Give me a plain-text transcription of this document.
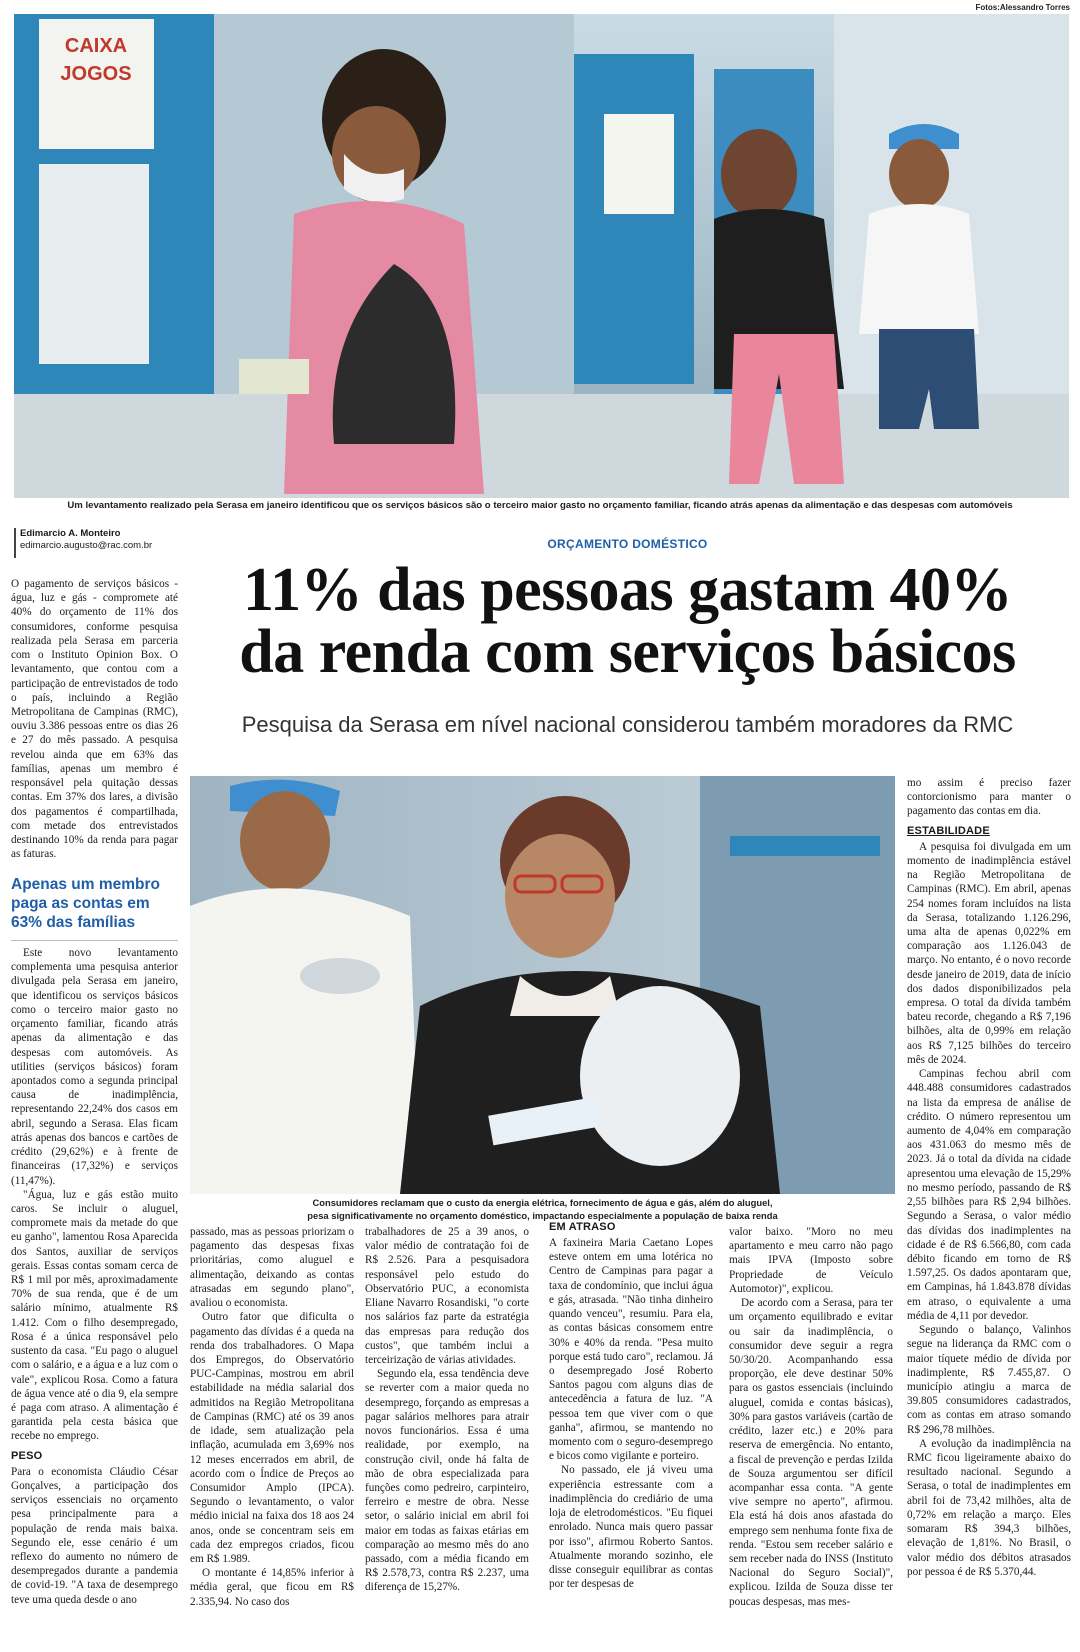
Fotos:Alessandro Torres
CAIXA
JOGOS
Um levantamento realizado pela Serasa em janeiro identificou que os serviços básicos são o terceiro maior gasto no orçamento familiar, ficando atrás apenas da alimentação e das despesas com automóveis
Edimarcio A. Monteiro
edimarcio.augusto@rac.com.br	ORÇAMENTO DOMÉSTICO
11% das pessoas gastam 40%
da renda com serviços básicos
Pesquisa da Serasa em nível nacional considerou também moradores da RMC

O pagamento de serviços básicos - água, luz e gás - compromete até 40% do orçamento de 11% dos consumidores, conforme pesquisa realizada pela Serasa em parceria com o Instituto Opinion Box. O levantamento, que contou com a participação de entrevistados de todo o país, incluindo a Região Metropolitana de Campinas (RMC), ouviu 3.386 pessoas entre os dias 26 e 27 do mês passado. A pesquisa revelou ainda que em 63% das famílias, apenas um membro é responsável pela quitação dessas contas. Em 37% dos lares, a divisão dos pagamentos é compartilhada, com metade dos entrevistados destinando 10% da renda para pagar as faturas.

Apenas um membro paga as contas em 63% das famílias

Este novo levantamento complementa uma pesquisa anterior divulgada pela Serasa em janeiro, que identificou os serviços básicos como o terceiro maior gasto no orçamento familiar, ficando atrás apenas da alimentação e das despesas com automóveis. As utilities (serviços básicos) foram apontados como a segunda principal causa de inadimplência, representando 22,24% dos casos em abril, segundo a Serasa. Elas ficam atrás apenas dos bancos e cartões de crédito (29,62%) e à frente de financeiras (17,32%) e serviços (11,47%).

"Água, luz e gás estão muito caros. Se incluir o aluguel, compromete mais da metade do que eu ganho", lamentou Rosa Aparecida dos Santos, auxiliar de serviços gerais. Essas contas somam cerca de R$ 1 mil por mês, aproximadamente 70% de sua renda, que é de um salário mínimo, atualmente R$ 1.412. Com o filho desempregado, Rosa é a única responsável pelo sustento da casa. "Eu pago o aluguel com o salário, e a água e a luz com o vale", explicou Rosa. Como a fatura de água vence até o dia 9, ela sempre é paga com atraso. A alimentação é garantida pela cesta básica que recebe no emprego.

PESO

Para o economista Cláudio César Gonçalves, a participação dos serviços essenciais no orçamento pesa principalmente para a população de renda mais baixa. Segundo ele, esse cenário é um reflexo do aumento no número de desempregados durante a pandemia de covid-19. "A taxa de desemprego teve uma queda desde o ano

Consumidores reclamam que o custo da energia elétrica, fornecimento de água e gás, além do aluguel,
pesa significativamente no orçamento doméstico, impactando especialmente a população de baixa renda

passado, mas as pessoas priorizam o pagamento das despesas fixas prioritárias, como aluguel e alimentação, deixando as contas atrasadas em segundo plano", avaliou o economista.

Outro fator que dificulta o pagamento das dívidas é a queda na renda dos trabalhadores. O Mapa dos Empregos, do Observatório PUC-Campinas, mostrou em abril estabilidade na média salarial dos admitidos na Região Metropolitana de Campinas (RMC) até os 39 anos de idade, sem atualização pela inflação, acumulada em 3,69% nos 12 meses encerrados em abril, de acordo com o Índice de Preços ao Consumidor Amplo (IPCA). Segundo o levantamento, o valor médio inicial na faixa dos 18 aos 24 anos, onde se concentram seis em cada dez empregos criados, ficou em R$ 1.989.

O montante é 14,85% inferior à média geral, que ficou em R$ 2.335,94. No caso dos

trabalhadores de 25 a 39 anos, o valor médio de contratação foi de R$ 2.526. Para a pesquisadora responsável pelo estudo do Observatório PUC, a economista Eliane Navarro Rosandiski, "o corte nos salários faz parte da estratégia das empresas para redução dos custos", que também inclui a terceirização de várias atividades.

Segundo ela, essa tendência deve se reverter com a maior queda no desemprego, forçando as empresas a pagar salários melhores para atrair novos funcionários. Essa é uma realidade, por exemplo, na construção civil, onde há falta de mão de obra especializada para funções como pedreiro, carpinteiro, ferreiro e mestre de obra. Nesse setor, o salário inicial em abril foi maior em todas as faixas etárias em comparação ao mesmo mês do ano passado, com a média ficando em R$ 2.578,73, contra R$ 2.237, uma diferença de 15,27%.

EM ATRASO

A faxineira Maria Caetano Lopes esteve ontem em uma lotérica no Centro de Campinas para pagar a taxa de condomínio, que inclui água e gás, atrasada. "Não tinha dinheiro quando venceu", resumiu. Para ela, as contas básicas consomem entre 30% e 40% da renda. "Pesa muito porque está tudo caro", reclamou. Já o desempregado José Roberto Santos pagou com alguns dias de antecedência a fatura de luz. "A pessoa tem que viver com o que ganha", afirmou, se mantendo no momento com o seguro-desemprego e bicos como vigilante e porteiro.

No passado, ele já viveu uma experiência estressante com a inadimplência do crediário de uma loja de eletrodomésticos. "Eu fiquei enrolado. Nunca mais quero passar por isso", afirmou Roberto Santos. Atualmente morando sozinho, ele disse conseguir equilibrar as contas por ter despesas de

valor baixo. "Moro no meu apartamento e meu carro não pago mais IPVA (Imposto sobre Propriedade de Veículo Automotor)", explicou.

De acordo com a Serasa, para ter um orçamento equilibrado e evitar ou sair da inadimplência, o consumidor deve seguir a regra 50/30/20. Acompanhando essa proporção, ele deve destinar 50% para os gastos essenciais (incluindo aluguel, comida e contas básicas), 30% para gastos variáveis (cartão de crédito, lazer etc.) e 20% para reserva de emergência. No entanto, a fiscal de prevenção e perdas Izilda de Souza argumentou ser difícil acompanhar essa conta. "A gente vive sempre no aperto", afirmou. Ela está há dois anos afastada do emprego sem nenhuma fonte fixa de renda. "Estou sem receber salário e sem receber nada do INSS (Instituto Nacional do Seguro Social)", explicou. Izilda de Souza disse ter poucas despesas, mas mes-

mo assim é preciso fazer contorcionismo para manter o pagamento das contas em dia.

ESTABILIDADE

A pesquisa foi divulgada em um momento de inadimplência estável na Região Metropolitana de Campinas (RMC). Em abril, apenas 254 nomes foram incluídos na lista da Serasa, totalizando 1.126.296, uma alta de apenas 0,022% em comparação aos 1.126.043 de março. No entanto, é o novo recorde desde janeiro de 2019, data de início dos dados disponibilizados pela empresa. O total da dívida também bateu recorde, chegando a R$ 7,196 bilhões, alta de 0,99% em relação aos R$ 7,125 bilhões do terceiro mês de 2024.

Campinas fechou abril com 448.488 consumidores cadastrados na lista da empresa de análise de crédito. O número representou um aumento de 4,04% em comparação aos 431.063 do mesmo mês de 2023. Já o total da dívida na cidade apresentou uma elevação de 15,29% no mesmo período, passando de R$ 2,55 bilhões para R$ 2,94 bilhões. Segundo a Serasa, o valor médio das dívidas dos inadimplentes na cidade é de R$ 6.566,80, com cada débito ficando em torno de R$ 1.597,25. Os dados apontaram que, em Campinas, há 1.843.878 dívidas em atraso, o equivalente a uma média de 4,11 por devedor.

Segundo o balanço, Valinhos segue na liderança da RMC com o maior tíquete médio de dívida por inadimplente, R$ 7.455,87. O município atingiu a marca de 39.805 consumidores cadastrados, com as contas em atraso somando R$ 296,78 milhões.

A evolução da inadimplência na RMC ficou ligeiramente abaixo do resultado nacional. Segundo a Serasa, o total de inadimplentes em abril foi de 73,42 milhões, alta de 0,72% em relação a março. Eles somaram R$ 394,3 bilhões, elevação de 1,81%. No Brasil, o valor médio dos débitos atrasados por pessoa é de R$ 5.370,44.
